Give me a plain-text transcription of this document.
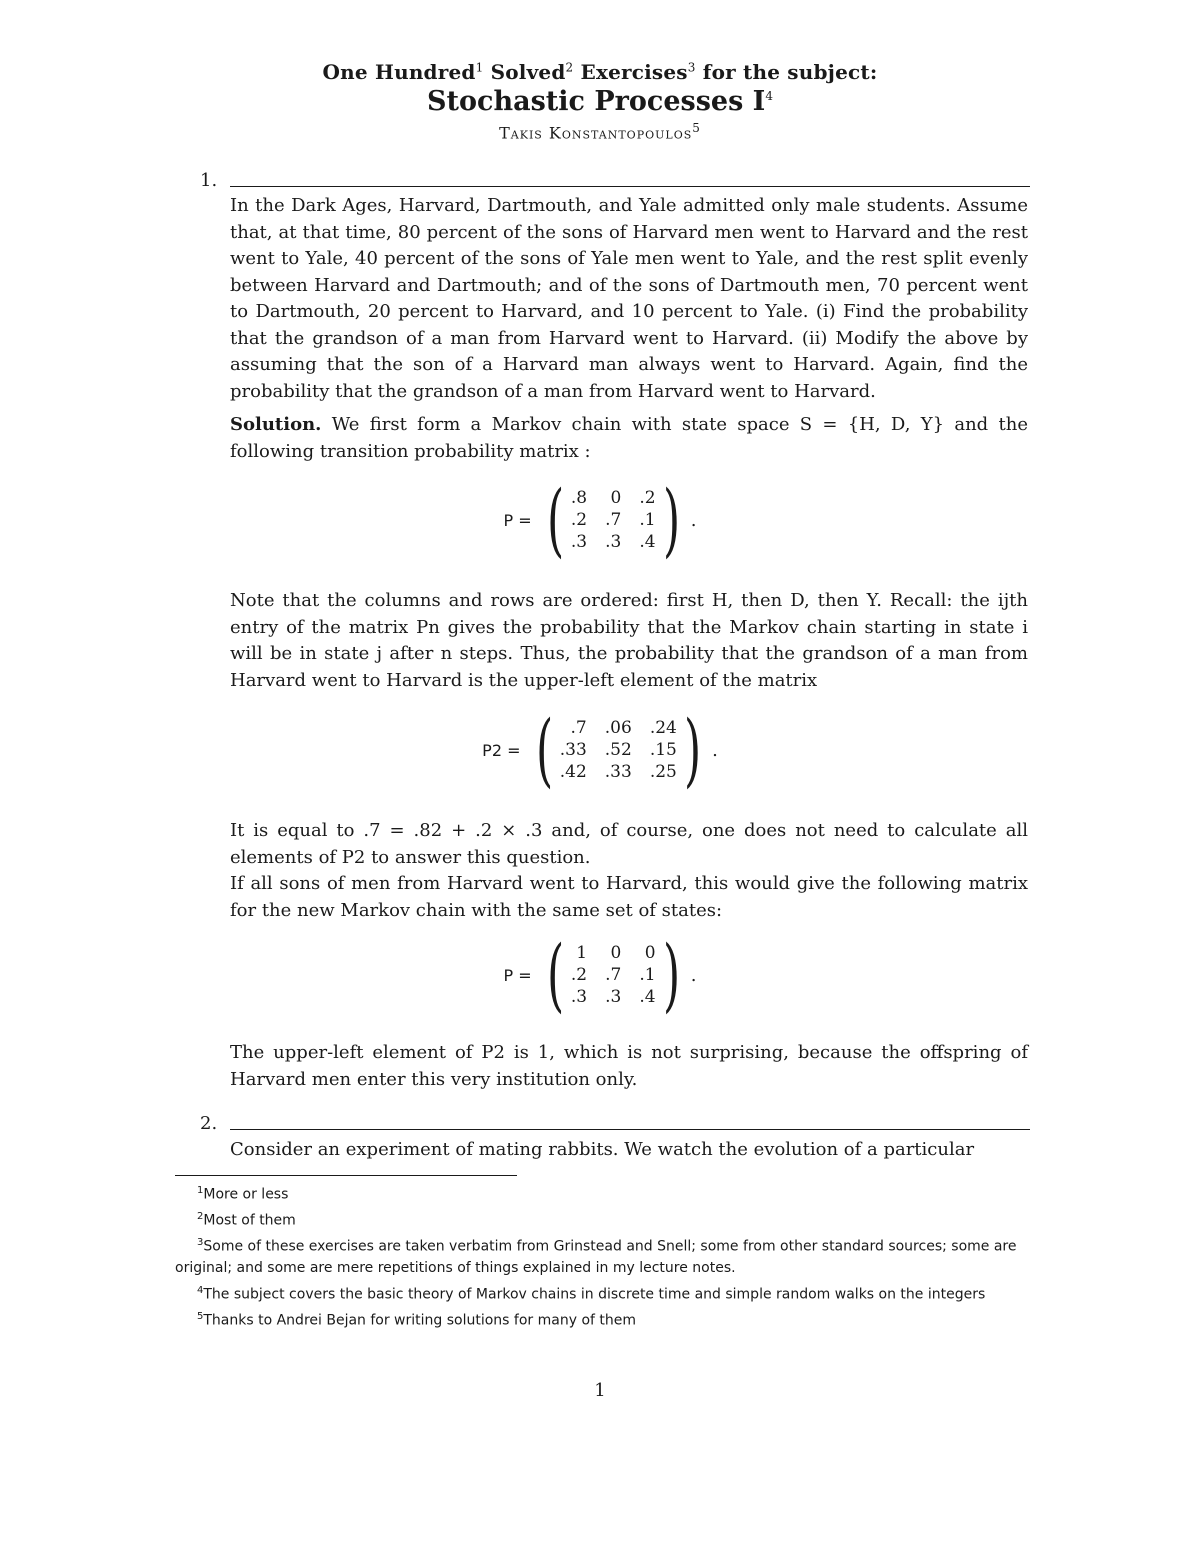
One Hundred$^1$ Solved$^2$ Exercises$^3$ for the subject:
Stochastic Processes $I^4$
Takis Konstantopoulos$^5$
1.

In the Dark Ages, Harvard, Dartmouth, and Yale admitted only male students. Assume that, at that time, 80 percent of the sons of Harvard men went to Harvard and the rest went to Yale, 40 percent of the sons of Yale men went to Yale, and the rest split evenly between Harvard and Dartmouth; and of the sons of Dartmouth men, 70 percent went to Dartmouth, 20 percent to Harvard, and 10 percent to Yale. (i) Find the probability that the grandson of a man from Harvard went to Harvard. (ii) Modify the above by assuming that the son of a Harvard man always went to Harvard. Again, find the probability that the grandson of a man from Harvard went to Harvard.

Solution. We first form a Markov chain with state space S = {H, D, Y} and the following transition probability matrix :

P = ( .8	0 .2
.2 .7 .1
.3 .3 .4 ) .

Note that the columns and rows are ordered: first H, then D, then Y. Recall: the ijth entry of the matrix Pn gives the probability that the Markov chain starting in state i will be in state j after n steps. Thus, the probability that the grandson of a man from Harvard went to Harvard is the upper-left element of the matrix

P2 = (	.7 .06 .24
.33 .52 .15
.42 .33 .25 ) .

It is equal to .7 = .82 + .2 × .3 and, of course, one does not need to calculate all elements of P2 to answer this question.

If all sons of men from Harvard went to Harvard, this would give the following matrix for the new Markov chain with the same set of states:

P = ( 1	0	0
.2 .7 .1
.3 .3 .4 ) .

The upper-left element of P2 is 1, which is not surprising, because the offspring of Harvard men enter this very institution only.

2.

Consider an experiment of mating rabbits. We watch the evolution of a particular

$^1$More or less

$^2$Most of them

$^3$Some of these exercises are taken verbatim from Grinstead and Snell; some from other standard sources; some are original; and some are mere repetitions of things explained in my lecture notes.

$^4$The subject covers the basic theory of Markov chains in discrete time and simple random walks on the integers

$^5$Thanks to Andrei Bejan for writing solutions for many of them

1
